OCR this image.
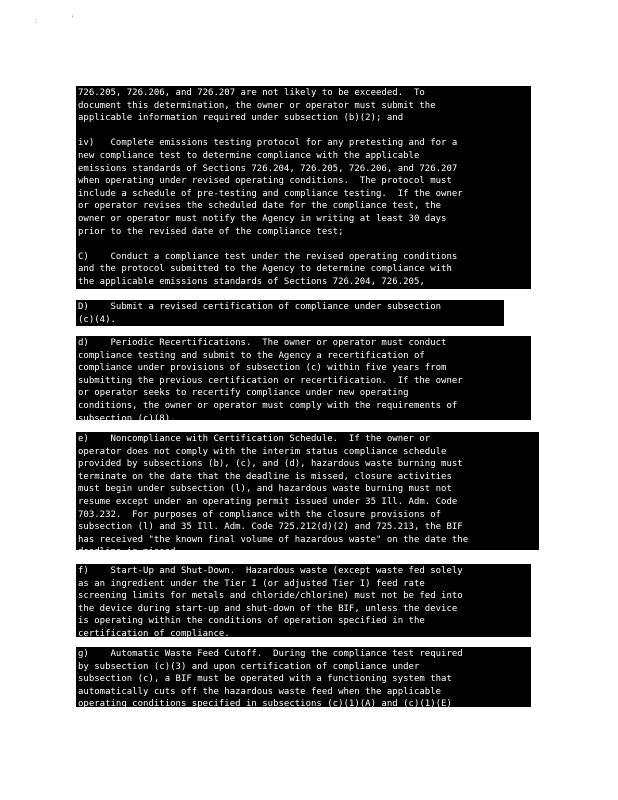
:	'
726.205, 726.206, and 726.207 are not likely to be exceeded.  To
document this determination, the owner or operator must submit the
applicable information required under subsection (b)(2); and

iv)   Complete emissions testing protocol for any pretesting and for a
new compliance test to determine compliance with the applicable
emissions standards of Sections 726.204, 726.205, 726.206, and 726.207
when operating under revised operating conditions.  The protocol must
include a schedule of pre-testing and compliance testing.  If the owner
or operator revises the scheduled date for the compliance test, the
owner or operator must notify the Agency in writing at least 30 days
prior to the revised date of the compliance test;

C)    Conduct a compliance test under the revised operating conditions
and the protocol submitted to the Agency to determine compliance with
the applicable emissions standards of Sections 726.204, 726.205,
726.206, and 726.207; and
D)    Submit a revised certification of compliance under subsection
(c)(4).
d)    Periodic Recertifications.  The owner or operator must conduct
compliance testing and submit to the Agency a recertification of
compliance under provisions of subsection (c) within five years from
submitting the previous certification or recertification.  If the owner
or operator seeks to recertify compliance under new operating
conditions, the owner or operator must comply with the requirements of
subsection (c)(8).
e)    Noncompliance with Certification Schedule.  If the owner or
operator does not comply with the interim status compliance schedule
provided by subsections (b), (c), and (d), hazardous waste burning must
terminate on the date that the deadline is missed, closure activities
must begin under subsection (l), and hazardous waste burning must not
resume except under an operating permit issued under 35 Ill. Adm. Code
703.232.  For purposes of compliance with the closure provisions of
subsection (l) and 35 Ill. Adm. Code 725.212(d)(2) and 725.213, the BIF
has received "the known final volume of hazardous waste" on the date the
deadline is missed.
f)    Start-Up and Shut-Down.  Hazardous waste (except waste fed solely
as an ingredient under the Tier I (or adjusted Tier I) feed rate
screening limits for metals and chloride/chlorine) must not be fed into
the device during start-up and shut-down of the BIF, unless the device
is operating within the conditions of operation specified in the
certification of compliance.
g)    Automatic Waste Feed Cutoff.  During the compliance test required
by subsection (c)(3) and upon certification of compliance under
subsection (c), a BIF must be operated with a functioning system that
automatically cuts off the hazardous waste feed when the applicable
operating conditions specified in subsections (c)(1)(A) and (c)(1)(E)
